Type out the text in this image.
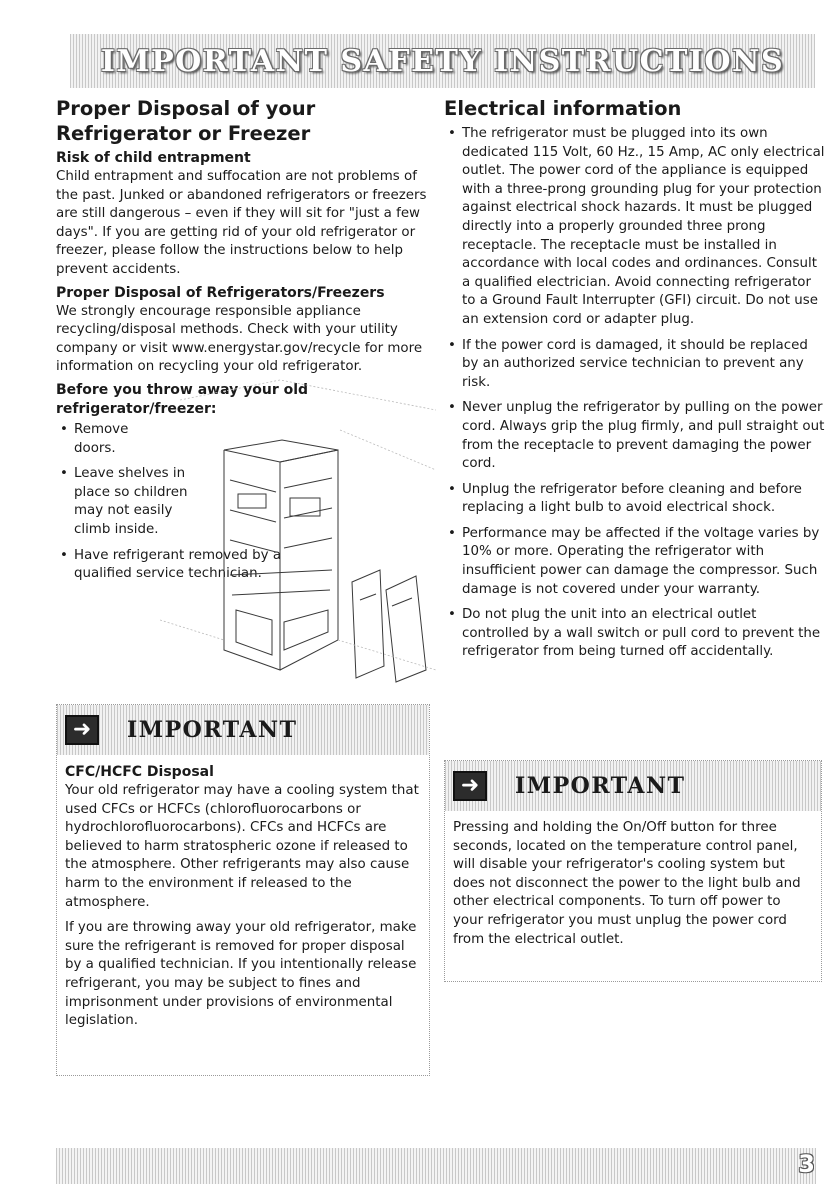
IMPORTANT SAFETY INSTRUCTIONS
Proper Disposal of your
Refrigerator or Freezer
Risk of child entrapment

Child entrapment and suffocation are not problems of the past. Junked or abandoned refrigerators or freezers are still dangerous – even if they will sit for "just a few days". If you are getting rid of your old refrigerator or freezer, please follow the instructions below to help prevent accidents.

Proper Disposal of Refrigerators/Freezers

We strongly encourage responsible appliance recycling/disposal methods. Check with your utility company or visit www.energystar.gov/recycle for more information on recycling your old refrigerator.

Before you throw away your old refrigerator/freezer:
• Remove doors.
• Leave shelves in place so children may not easily climb inside.
• Have refrigerant removed by a qualified service technician.
➜	IMPORTANT
CFC/HCFC Disposal

Your old refrigerator may have a cooling system that used CFCs or HCFCs (chlorofluorocarbons or hydrochlorofluorocarbons). CFCs and HCFCs are believed to harm stratospheric ozone if released to the atmosphere. Other refrigerants may also cause harm to the environment if released to the atmosphere.

If you are throwing away your old refrigerator, make sure the refrigerant is removed for proper disposal by a qualified technician. If you intentionally release refrigerant, you may be subject to fines and imprisonment under provisions of environmental legislation.

Electrical information
• The refrigerator must be plugged into its own dedicated 115 Volt, 60 Hz., 15 Amp, AC only electrical outlet. The power cord of the appliance is equipped with a three-prong grounding plug for your protection against electrical shock hazards. It must be plugged directly into a properly grounded three prong receptacle. The receptacle must be installed in accordance with local codes and ordinances. Consult a qualified electrician. Avoid connecting refrigerator to a Ground Fault Interrupter (GFI) circuit. Do not use an extension cord or adapter plug.
• If the power cord is damaged, it should be replaced by an authorized service technician to prevent any risk.
• Never unplug the refrigerator by pulling on the power cord. Always grip the plug firmly, and pull straight out from the receptacle to prevent damaging the power cord.
• Unplug the refrigerator before cleaning and before replacing a light bulb to avoid electrical shock.
• Performance may be affected if the voltage varies by 10% or more. Operating the refrigerator with insufficient power can damage the compressor. Such damage is not covered under your warranty.
• Do not plug the unit into an electrical outlet controlled by a wall switch or pull cord to prevent the refrigerator from being turned off accidentally.
➜	IMPORTANT

Pressing and holding the On/Off button for three seconds, located on the temperature control panel, will disable your refrigerator's cooling system but does not disconnect the power to the light bulb and other electrical components. To turn off power to your refrigerator you must unplug the power cord from the electrical outlet.

3
